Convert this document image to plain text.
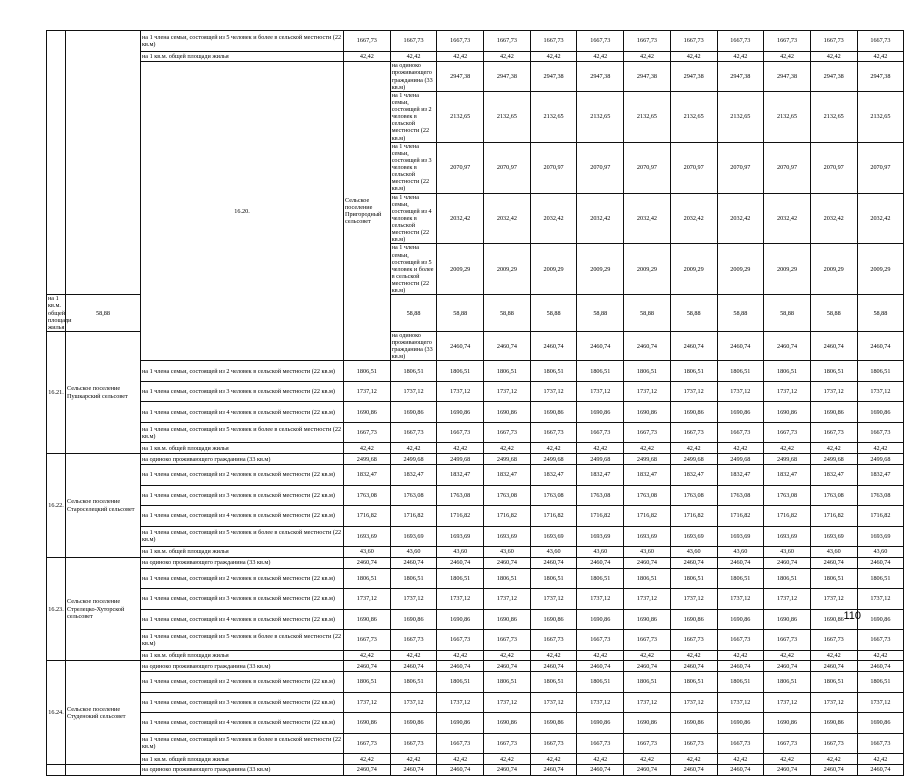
		на 1 члена семьи, состоящей из 5 человек и более в сельской местности (22 кв.м)	1667,73	1667,73	1667,73	1667,73	1667,73	1667,73	1667,73	1667,73	1667,73	1667,73	1667,73	1667,73	
		на 1 кв.м. общей площади жилья	42,42	42,42	42,42	42,42	42,42	42,42	42,42	42,42	42,42	42,42	42,42	42,42	
		16.20.	Сельское поселение Пригородный сельсовет	на одиноко проживающего гражданина (33 кв.м)	2947,38	2947,38	2947,38	2947,38	2947,38	2947,38	2947,38	2947,38	2947,38	2947,38		
				на 1 члена семьи, состоящей из 2 человек в сельской местности (22 кв.м)	2132,65	2132,65	2132,65	2132,65	2132,65	2132,65	2132,65	2132,65	2132,65	2132,65		
				на 1 члена семьи, состоящей из 3 человек в сельской местности (22 кв.м)	2070,97	2070,97	2070,97	2070,97	2070,97	2070,97	2070,97	2070,97	2070,97	2070,97		
				на 1 члена семьи, состоящей из 4 человек в сельской местности (22 кв.м)	2032,42	2032,42	2032,42	2032,42	2032,42	2032,42	2032,42	2032,42	2032,42	2032,42		
				на 1 члена семьи, состоящей из 5 человек и более в сельской местности (22 кв.м)	2009,29	2009,29	2009,29	2009,29	2009,29	2009,29	2009,29	2009,29	2009,29	2009,29		
на 1 кв.м. общей площади жилья	58,88			58,88	58,88	58,88	58,88	58,88	58,88	58,88	58,88	58,88	58,88	58,88	
16.21.	Сельское поселение Пушкарский сельсовет			на одиноко проживающего гражданина (33 кв.м)	2460,74	2460,74	2460,74	2460,74	2460,74	2460,74	2460,74	2460,74	2460,74	2460,74		
		на 1 члена семьи, состоящей из 2 человек в сельской местности (22 кв.м)	1806,51	1806,51	1806,51	1806,51	1806,51	1806,51	1806,51	1806,51	1806,51	1806,51	1806,51	1806,51	
		на 1 члена семьи, состоящей из 3 человек в сельской местности (22 кв.м)	1737,12	1737,12	1737,12	1737,12	1737,12	1737,12	1737,12	1737,12	1737,12	1737,12	1737,12	1737,12	
		на 1 члена семьи, состоящей из 4 человек в сельской местности (22 кв.м)	1690,86	1690,86	1690,86	1690,86	1690,86	1690,86	1690,86	1690,86	1690,86	1690,86	1690,86	1690,86	
		на 1 члена семьи, состоящей из 5 человек и более в сельской местности (22 кв.м)	1667,73	1667,73	1667,73	1667,73	1667,73	1667,73	1667,73	1667,73	1667,73	1667,73	1667,73	1667,73	
		на 1 кв.м. общей площади жилья	42,42	42,42	42,42	42,42	42,42	42,42	42,42	42,42	42,42	42,42	42,42	42,42	
16.22.	Сельское поселение Староселецкий сельсовет	на одиноко проживающего гражданина (33 кв.м)	2499,68	2499,68	2499,68	2499,68	2499,68	2499,68	2499,68	2499,68	2499,68	2499,68	2499,68	2499,68	
		на 1 члена семьи, состоящей из 2 человек в сельской местности (22 кв.м)	1832,47	1832,47	1832,47	1832,47	1832,47	1832,47	1832,47	1832,47	1832,47	1832,47	1832,47	1832,47	
		на 1 члена семьи, состоящей из 3 человек в сельской местности (22 кв.м)	1763,08	1763,08	1763,08	1763,08	1763,08	1763,08	1763,08	1763,08	1763,08	1763,08	1763,08	1763,08	
		на 1 члена семьи, состоящей из 4 человек в сельской местности (22 кв.м)	1716,82	1716,82	1716,82	1716,82	1716,82	1716,82	1716,82	1716,82	1716,82	1716,82	1716,82	1716,82	
		на 1 члена семьи, состоящей из 5 человек и более в сельской местности (22 кв.м)	1693,69	1693,69	1693,69	1693,69	1693,69	1693,69	1693,69	1693,69	1693,69	1693,69	1693,69	1693,69	
		на 1 кв.м. общей площади жилья	43,60	43,60	43,60	43,60	43,60	43,60	43,60	43,60	43,60	43,60	43,60	43,60	
16.23.	Сельское поселение Стрелецко-Хуторской сельсовет	на одиноко проживающего гражданина (33 кв.м)	2460,74	2460,74	2460,74	2460,74	2460,74	2460,74	2460,74	2460,74	2460,74	2460,74	2460,74	2460,74	
		на 1 члена семьи, состоящей из 2 человек в сельской местности (22 кв.м)	1806,51	1806,51	1806,51	1806,51	1806,51	1806,51	1806,51	1806,51	1806,51	1806,51	1806,51	1806,51	
		на 1 члена семьи, состоящей из 3 человек в сельской местности (22 кв.м)	1737,12	1737,12	1737,12	1737,12	1737,12	1737,12	1737,12	1737,12	1737,12	1737,12	1737,12	1737,12	
		на 1 члена семьи, состоящей из 4 человек в сельской местности (22 кв.м)	1690,86	1690,86	1690,86	1690,86	1690,86	1690,86	1690,86	1690,86	1690,86	1690,86	1690,86	1690,86	
		на 1 члена семьи, состоящей из 5 человек и более в сельской местности (22 кв.м)	1667,73	1667,73	1667,73	1667,73	1667,73	1667,73	1667,73	1667,73	1667,73	1667,73	1667,73	1667,73	
		на 1 кв.м. общей площади жилья	42,42	42,42	42,42	42,42	42,42	42,42	42,42	42,42	42,42	42,42	42,42	42,42	
16.24.	Сельское поселение Студенокий сельсовет	на одиноко проживающего гражданина (33 кв.м)	2460,74	2460,74	2460,74	2460,74	2460,74	2460,74	2460,74	2460,74	2460,74	2460,74	2460,74	2460,74	
		на 1 члена семьи, состоящей из 2 человек в сельской местности (22 кв.м)	1806,51	1806,51	1806,51	1806,51	1806,51	1806,51	1806,51	1806,51	1806,51	1806,51	1806,51	1806,51	
		на 1 члена семьи, состоящей из 3 человек в сельской местности (22 кв.м)	1737,12	1737,12	1737,12	1737,12	1737,12	1737,12	1737,12	1737,12	1737,12	1737,12	1737,12	1737,12	
		на 1 члена семьи, состоящей из 4 человек в сельской местности (22 кв.м)	1690,86	1690,86	1690,86	1690,86	1690,86	1690,86	1690,86	1690,86	1690,86	1690,86	1690,86	1690,86	
		на 1 члена семьи, состоящей из 5 человек и более в сельской местности (22 кв.м)	1667,73	1667,73	1667,73	1667,73	1667,73	1667,73	1667,73	1667,73	1667,73	1667,73	1667,73	1667,73	
		на 1 кв.м. общей площади жилья	42,42	42,42	42,42	42,42	42,42	42,42	42,42	42,42	42,42	42,42	42,42	42,42	
		на одиноко проживающего гражданина (33 кв.м)	2460,74	2460,74	2460,74	2460,74	2460,74	2460,74	2460,74	2460,74	2460,74	2460,74	2460,74	2460,74	
110
